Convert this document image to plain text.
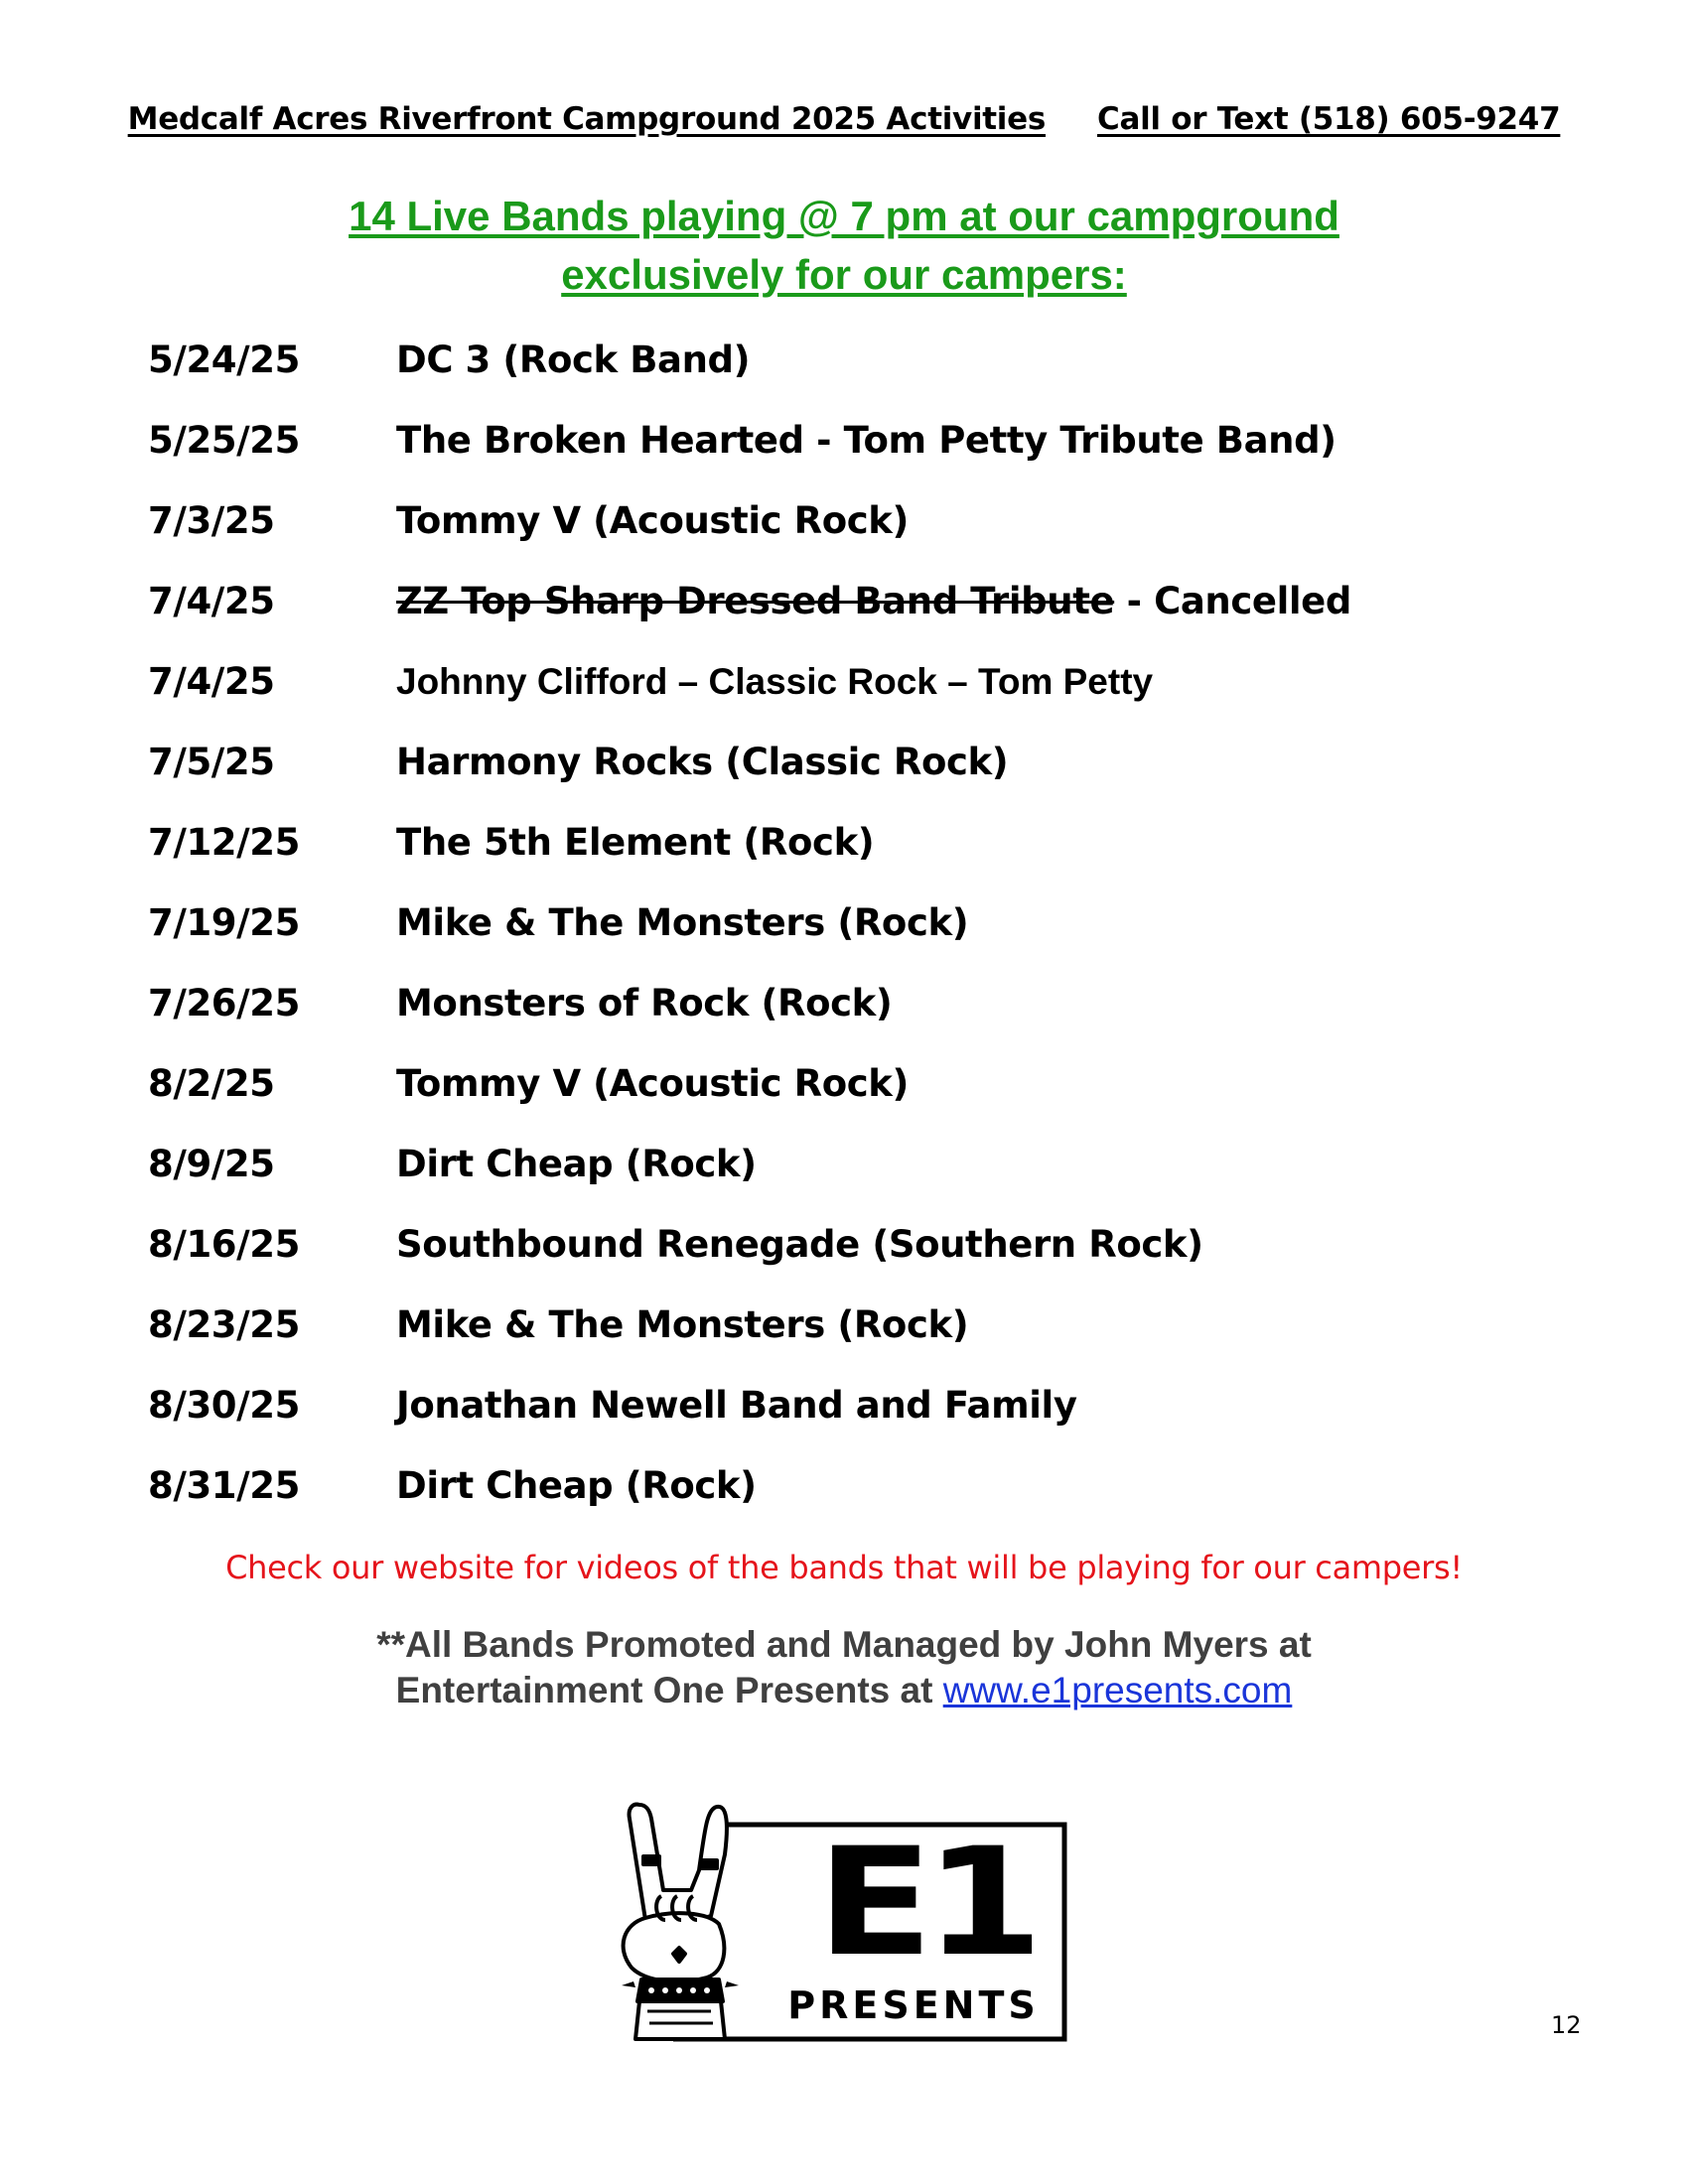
Medcalf Acres Riverfront Campground 2025 Activities Call or Text (518) 605-9247
14 Live Bands playing @ 7 pm at our campground
exclusively for our campers:
5/24/25	DC 3 (Rock Band)
5/25/25	The Broken Hearted - Tom Petty Tribute Band)
7/3/25	Tommy V (Acoustic Rock)
7/4/25	ZZ Top Sharp Dressed Band Tribute - Cancelled
7/4/25	Johnny Clifford – Classic Rock – Tom Petty
7/5/25	Harmony Rocks (Classic Rock)
7/12/25	The 5th Element (Rock)
7/19/25	Mike & The Monsters (Rock)
7/26/25	Monsters of Rock (Rock)
8/2/25	Tommy V (Acoustic Rock)
8/9/25	Dirt Cheap (Rock)
8/16/25	Southbound Renegade (Southern Rock)
8/23/25	Mike & The Monsters (Rock)
8/30/25	Jonathan Newell Band and Family
8/31/25	Dirt Cheap (Rock)
Check our website for videos of the bands that will be playing for our campers!
**All Bands Promoted and Managed by John Myers at
Entertainment One Presents at www.e1presents.com
E1
PRESENTS	12
